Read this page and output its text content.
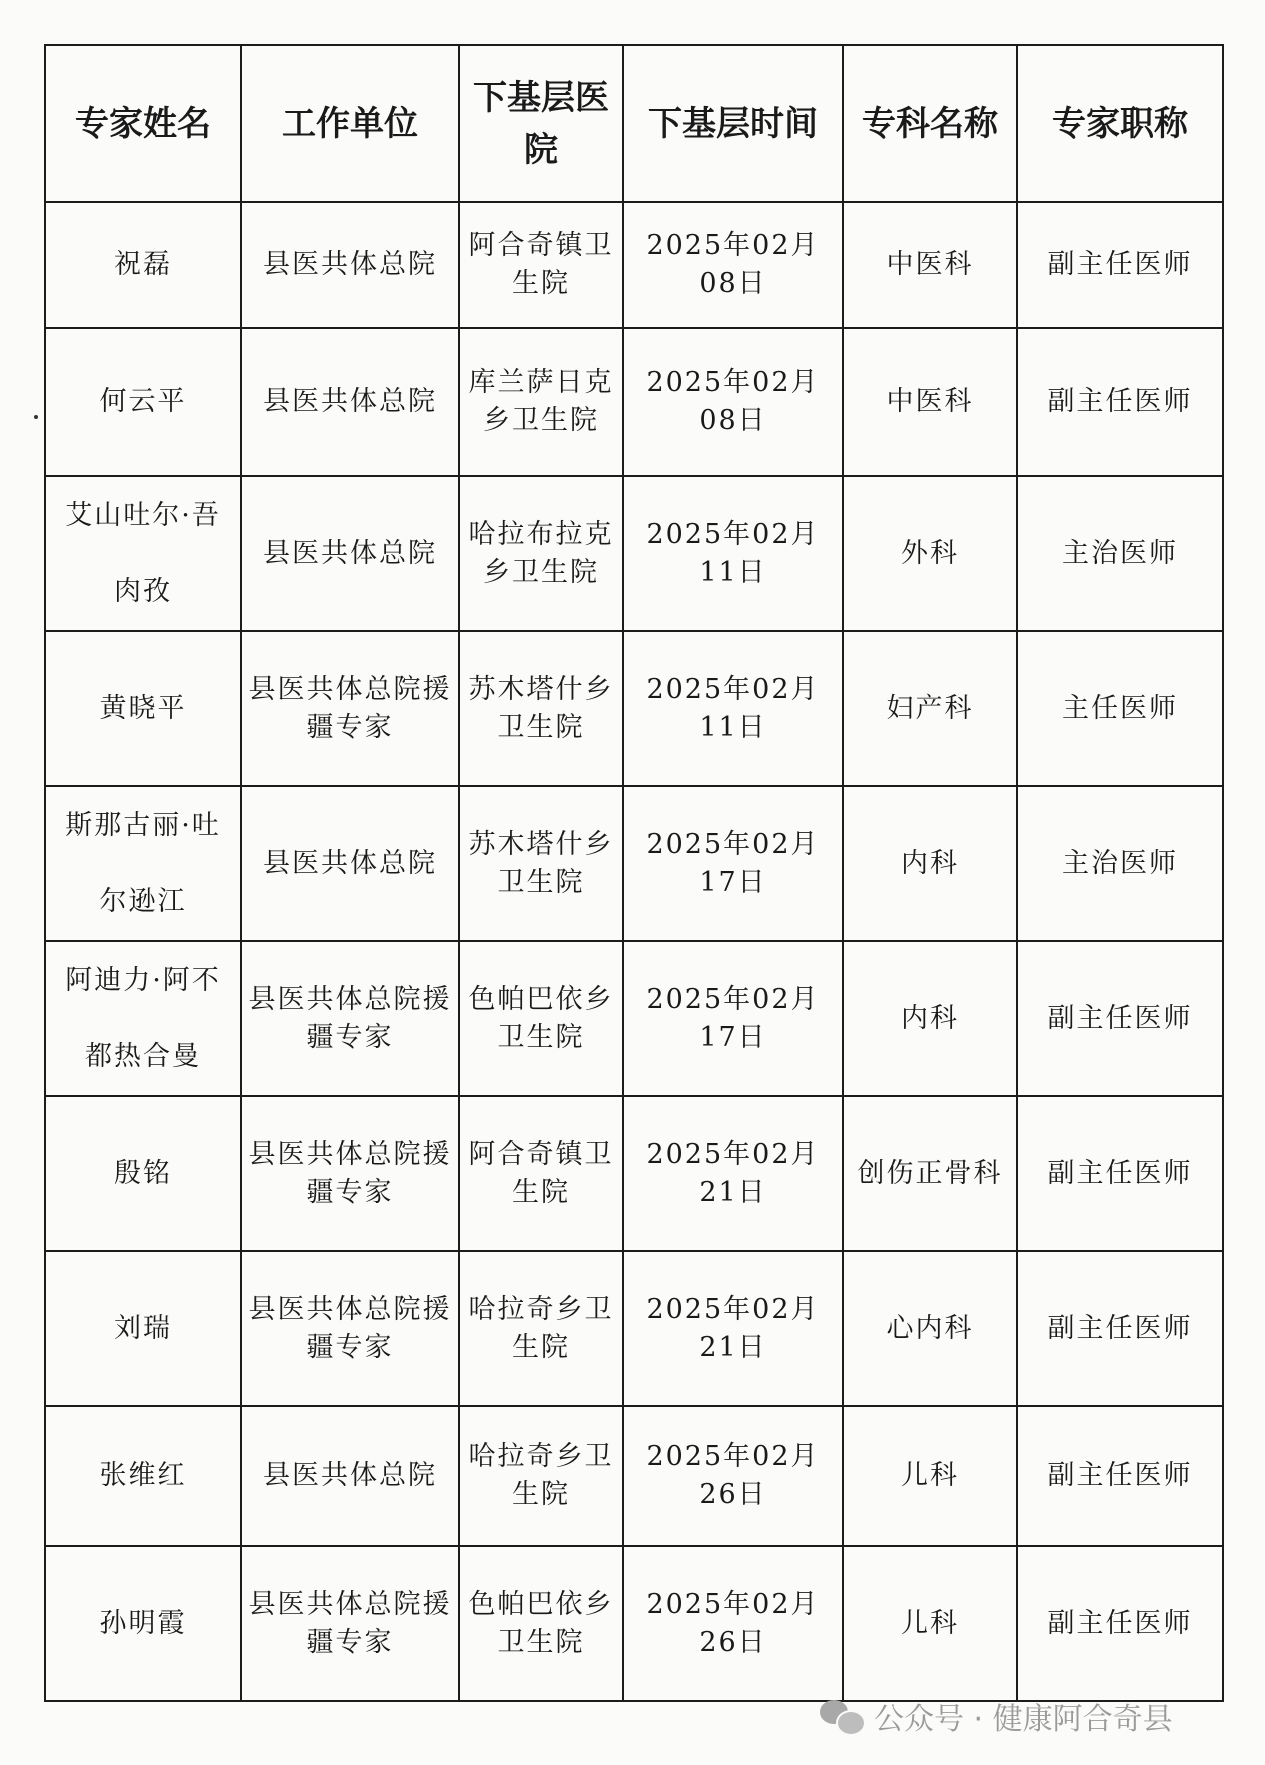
专家姓名	工作单位	下基层医院	下基层时间	专科名称	专家职称
祝磊	县医共体总院	阿合奇镇卫生院	2025年02月08日	中医科	副主任医师
何云平	县医共体总院	库兰萨日克乡卫生院	2025年02月08日	中医科	副主任医师
艾山吐尔·吾肉孜	县医共体总院	哈拉布拉克乡卫生院	2025年02月11日	外科	主治医师
黄晓平	县医共体总院援疆专家	苏木塔什乡卫生院	2025年02月11日	妇产科	主任医师
斯那古丽·吐尔逊江	县医共体总院	苏木塔什乡卫生院	2025年02月17日	内科	主治医师
阿迪力·阿不都热合曼	县医共体总院援疆专家	色帕巴依乡卫生院	2025年02月17日	内科	副主任医师
殷铭	县医共体总院援疆专家	阿合奇镇卫生院	2025年02月21日	创伤正骨科	副主任医师
刘瑞	县医共体总院援疆专家	哈拉奇乡卫生院	2025年02月21日	心内科	副主任医师
张维红	县医共体总院	哈拉奇乡卫生院	2025年02月26日	儿科	副主任医师
孙明霞	县医共体总院援疆专家	色帕巴依乡卫生院	2025年02月26日	儿科	副主任医师
公众号 · 健康阿合奇县
